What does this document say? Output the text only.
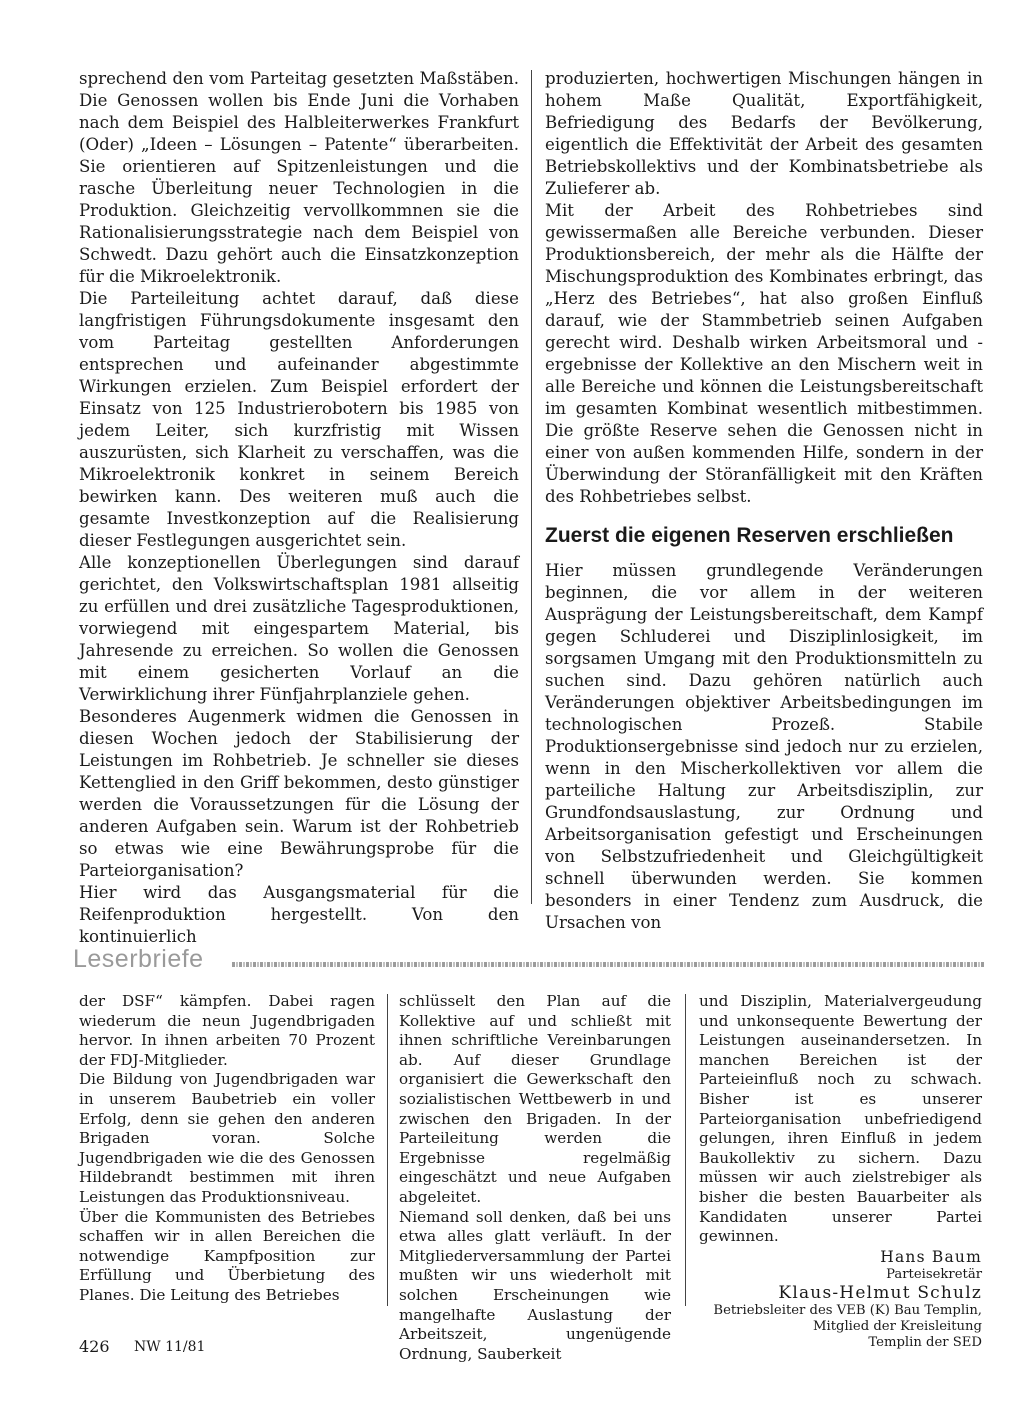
sprechend den vom Parteitag gesetzten Maßstäben. Die Genossen wollen bis Ende Juni die Vorhaben nach dem Beispiel des Halbleiterwerkes Frankfurt (Oder) „Ideen – Lösungen – Patente“ überarbeiten. Sie orientieren auf Spitzenleistungen und die rasche Überleitung neuer Technologien in die Produktion. Gleichzeitig vervollkommnen sie die Rationalisierungsstrategie nach dem Beispiel von Schwedt. Dazu gehört auch die Einsatzkonzeption für die Mikroelektronik.

Die Parteileitung achtet darauf, daß diese langfristigen Führungsdokumente insgesamt den vom Parteitag gestellten Anforderungen entsprechen und aufeinander abgestimmte Wirkungen erzielen. Zum Beispiel erfordert der Einsatz von 125 Industrierobotern bis 1985 von jedem Leiter, sich kurzfristig mit Wissen auszurüsten, sich Klarheit zu verschaffen, was die Mikroelektronik konkret in seinem Bereich bewirken kann. Des weiteren muß auch die gesamte Investkonzeption auf die Realisierung dieser Festlegungen ausgerichtet sein.

Alle konzeptionellen Überlegungen sind darauf gerichtet, den Volkswirtschaftsplan 1981 allseitig zu erfüllen und drei zusätzliche Tagesproduktionen, vorwiegend mit eingespartem Material, bis Jahresende zu erreichen. So wollen die Genossen mit einem gesicherten Vorlauf an die Verwirklichung ihrer Fünfjahrplanziele gehen.

Besonderes Augenmerk widmen die Genossen in diesen Wochen jedoch der Stabilisierung der Leistungen im Rohbetrieb. Je schneller sie dieses Kettenglied in den Griff bekommen, desto günstiger werden die Voraussetzungen für die Lösung der anderen Aufgaben sein. Warum ist der Rohbetrieb so etwas wie eine Bewährungsprobe für die Parteiorganisation?

Hier wird das Ausgangsmaterial für die Reifenproduktion hergestellt. Von den kontinuierlich

produzierten, hochwertigen Mischungen hängen in hohem Maße Qualität, Exportfähigkeit, Befriedigung des Bedarfs der Bevölkerung, eigentlich die Effektivität der Arbeit des gesamten Betriebskollektivs und der Kombinatsbetriebe als Zulieferer ab.

Mit der Arbeit des Rohbetriebes sind gewissermaßen alle Bereiche verbunden. Dieser Produktionsbereich, der mehr als die Hälfte der Mischungsproduktion des Kombinates erbringt, das „Herz des Betriebes“, hat also großen Einfluß darauf, wie der Stammbetrieb seinen Aufgaben gerecht wird. Deshalb wirken Arbeitsmoral und -ergebnisse der Kollektive an den Mischern weit in alle Bereiche und können die Leistungsbereitschaft im gesamten Kombinat wesentlich mitbestimmen. Die größte Reserve sehen die Genossen nicht in einer von außen kommenden Hilfe, sondern in der Überwindung der Störanfälligkeit mit den Kräften des Rohbetriebes selbst.

Zuerst die eigenen Reserven erschließen

Hier müssen grundlegende Veränderungen beginnen, die vor allem in der weiteren Ausprägung der Leistungsbereitschaft, dem Kampf gegen Schluderei und Disziplinlosigkeit, im sorgsamen Umgang mit den Produktionsmitteln zu suchen sind. Dazu gehören natürlich auch Veränderungen objektiver Arbeitsbedingungen im technologischen Prozeß. Stabile Produktionsergebnisse sind jedoch nur zu erzielen, wenn in den Mischerkollektiven vor allem die parteiliche Haltung zur Arbeitsdisziplin, zur Grundfondsauslastung, zur Ordnung und Arbeitsorganisation gefestigt und Erscheinungen von Selbstzufriedenheit und Gleichgültigkeit schnell überwunden werden. Sie kommen besonders in einer Tendenz zum Ausdruck, die Ursachen von

Leserbriefe

der DSF“ kämpfen. Dabei ragen wiederum die neun Jugendbrigaden hervor. In ihnen arbeiten 70 Prozent der FDJ-Mitglieder.

Die Bildung von Jugendbrigaden war in unserem Baubetrieb ein voller Erfolg, denn sie gehen den anderen Brigaden voran. Solche Jugendbrigaden wie die des Genossen Hildebrandt bestimmen mit ihren Leistungen das Produktionsniveau.

Über die Kommunisten des Betriebes schaffen wir in allen Bereichen die notwendige Kampfposition zur Erfüllung und Überbietung des Planes. Die Leitung des Betriebes

schlüsselt den Plan auf die Kollektive auf und schließt mit ihnen schriftliche Vereinbarungen ab. Auf dieser Grundlage organisiert die Gewerkschaft den sozialistischen Wettbewerb in und zwischen den Brigaden. In der Parteileitung werden die Ergebnisse regelmäßig eingeschätzt und neue Aufgaben abgeleitet.

Niemand soll denken, daß bei uns etwa alles glatt verläuft. In der Mitgliederversammlung der Partei mußten wir uns wiederholt mit solchen Erscheinungen wie mangelhafte Auslastung der Arbeitszeit, ungenügende Ordnung, Sauberkeit

und Disziplin, Materialvergeudung und unkonsequente Bewertung der Leistungen auseinandersetzen. In manchen Bereichen ist der Parteieinfluß noch zu schwach. Bisher ist es unserer Parteiorganisation unbefriedigend gelungen, ihren Einfluß in jedem Baukollektiv zu sichern. Dazu müssen wir auch zielstrebiger als bisher die besten Bauarbeiter als Kandidaten unserer Partei gewinnen.

Hans Baum
Parteisekretär
Klaus-Helmut Schulz
Betriebsleiter des VEB (K) Bau Templin,
Mitglied der Kreisleitung
Templin der SED
426 NW 11/81
